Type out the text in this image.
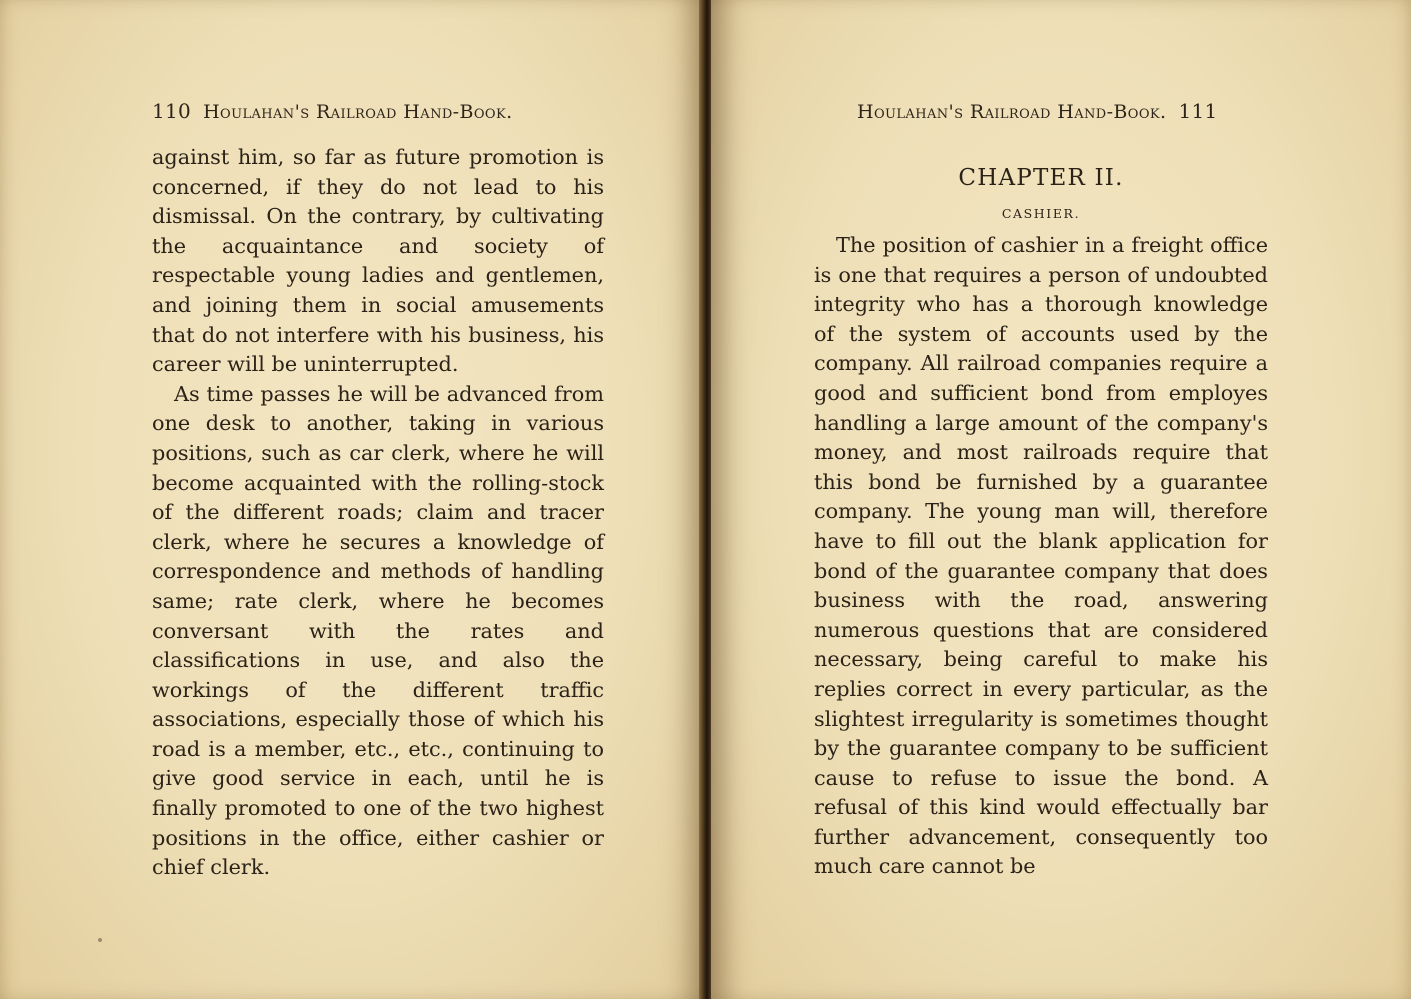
110 Houlahan's Railroad Hand-Book.

against him, so far as future promotion is concerned, if they do not lead to his dismissal. On the contrary, by cultivating the acquaintance and society of respectable young ladies and gentlemen, and joining them in social amusements that do not interfere with his business, his career will be uninterrupted.

As time passes he will be advanced from one desk to another, taking in various positions, such as car clerk, where he will become acquainted with the rolling-stock of the different roads; claim and tracer clerk, where he secures a knowledge of correspondence and methods of handling same; rate clerk, where he becomes conversant with the rates and classifications in use, and also the workings of the different traffic associations, especially those of which his road is a member, etc., etc., continuing to give good service in each, until he is finally promoted to one of the two highest positions in the office, either cashier or chief clerk.

Houlahan's Railroad Hand-Book. 111
CHAPTER II.
CASHIER.

The position of cashier in a freight office is one that requires a person of undoubted integrity who has a thorough knowledge of the system of accounts used by the company. All railroad companies require a good and sufficient bond from employes handling a large amount of the company's money, and most railroads require that this bond be furnished by a guarantee company. The young man will, therefore have to fill out the blank application for bond of the guarantee company that does business with the road, answering numerous questions that are considered necessary, being careful to make his replies correct in every particular, as the slightest irregularity is sometimes thought by the guarantee company to be sufficient cause to refuse to issue the bond. A refusal of this kind would effectually bar further advancement, consequently too much care cannot be
